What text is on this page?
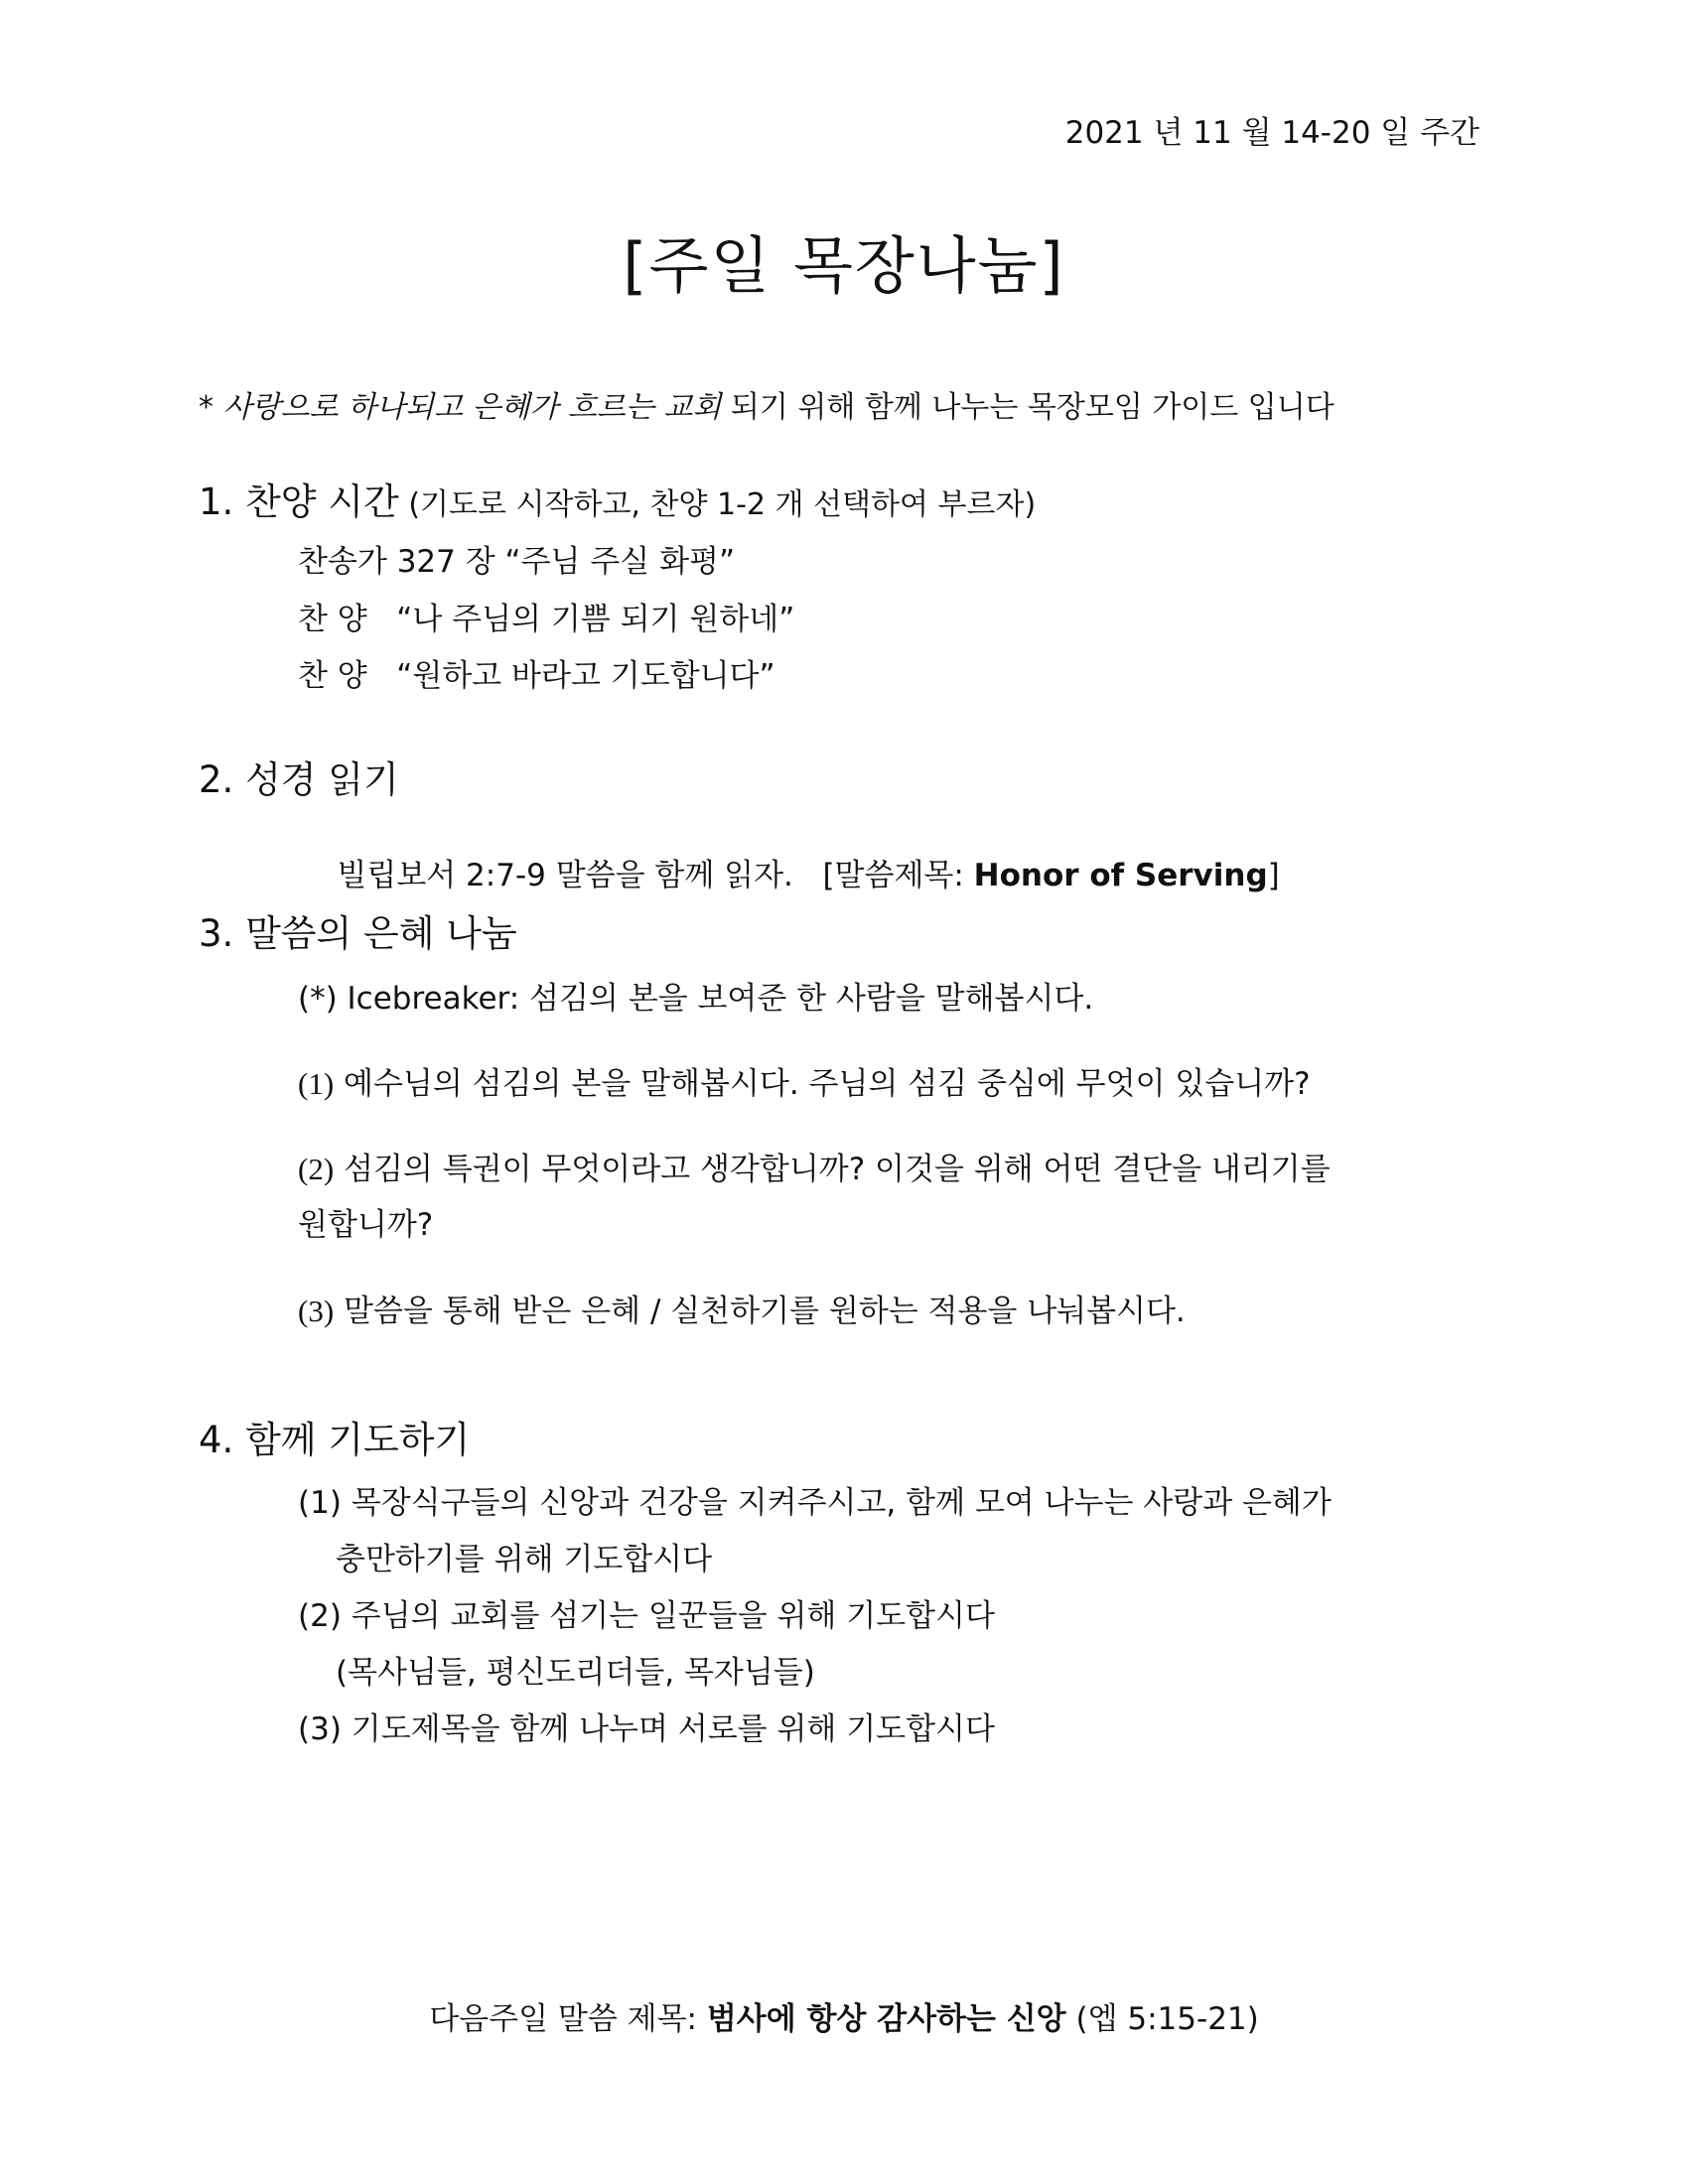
2021 년 11 월 14-20 일 주간
[주일 목장나눔]
* 사랑으로 하나되고 은혜가 흐르는 교회 되기 위해 함께 나누는 목장모임 가이드 입니다
1. 찬양 시간 (기도로 시작하고, 찬양 1-2 개 선택하여 부르자)
찬송가 327 장 “주님 주실 화평”
찬 양   “나 주님의 기쁨 되기 원하네”
찬 양   “원하고 바라고 기도합니다”
2. 성경 읽기

빌립보서 2:7-9 말씀을 함께 읽자.   [말씀제목: Honor of Serving]

3. 말씀의 은혜 나눔
(*) Icebreaker: 섬김의 본을 보여준 한 사람을 말해봅시다.
(1) 예수님의 섬김의 본을 말해봅시다. 주님의 섬김 중심에 무엇이 있습니까?
(2) 섬김의 특권이 무엇이라고 생각합니까? 이것을 위해 어떤 결단을 내리기를
원합니까?
(3) 말씀을 통해 받은 은혜 / 실천하기를 원하는 적용을 나눠봅시다.
4. 함께 기도하기
(1) 목장식구들의 신앙과 건강을 지켜주시고, 함께 모여 나누는 사랑과 은혜가
충만하기를 위해 기도합시다
(2) 주님의 교회를 섬기는 일꾼들을 위해 기도합시다
(목사님들, 평신도리더들, 목자님들)
(3) 기도제목을 함께 나누며 서로를 위해 기도합시다
다음주일 말씀 제목: 범사에 항상 감사하는 신앙 (엡 5:15-21)
